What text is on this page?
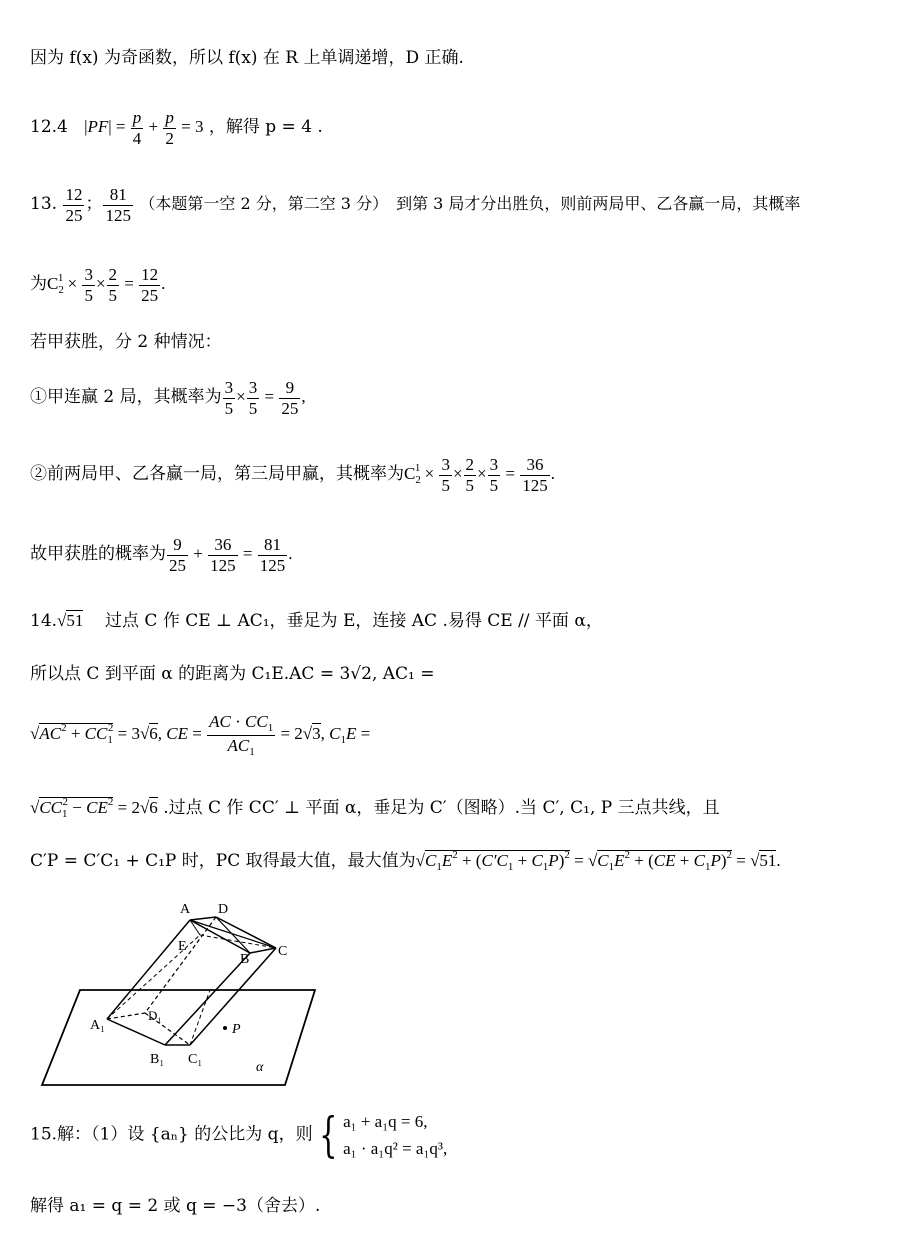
因为 f(x) 为奇函数，所以 f(x) 在 R 上单调递增，D 正确.
12.4 $|PF| = \frac{p}{4} + \frac{p}{2} = 3$ ，解得 p = 4 .
13. $\frac{12}{25}$ ； $\frac{81}{125}$ （本题第一空 2 分，第二空 3 分）　到第 3 局才分出胜负，则前两局甲、乙各赢一局，其概率
为$C_2^1 \times \frac{3}{5} \times \frac{2}{5} = \frac{12}{25}$ .
若甲获胜，分 2 种情况：
①甲连赢 2 局，其概率为 $\frac{3}{5} \times \frac{3}{5} = \frac{9}{25}$ ,
②前两局甲、乙各赢一局，第三局甲赢，其概率为$C_2^1 \times \frac{3}{5} \times \frac{2}{5} \times \frac{3}{5} = \frac{36}{125}$ .
故甲获胜的概率为 $\frac{9}{25} + \frac{36}{125} = \frac{81}{125}$ .
14.√51 过点 C 作 CE ⊥ AC₁，垂足为 E，连接 AC .易得 CE // 平面 α，
所以点 C 到平面 α 的距离为 C₁E.AC = 3√2, AC₁ =
$√AC^2 + CC_1^2 = 3√6$, CE = $\frac{AC \cdot CC_1}{AC_1} = 2√3$, $C_1E$ =
$√CC_1^2 - CE^2 = 2√6$ .过点 C 作 CC′ ⊥ 平面 α，垂足为 C′（图略）.当 C′, C₁, P 三点共线，且
C′P = C′C₁ + C₁P 时，PC 取得最大值，最大值为$√C_1E^2 + (C'C_1 + C_1P)^2 = √C_1E^2 + (CE + C_1P)^2 = √51$.
A D
E
B
C
A₁
D₁
P
B₁ C₁
α
15.解：（1）设 {aₙ} 的公比为 q，则 { a₁ + a₁q = 6,
a₁ · a₁q² = a₁q³,
解得 a₁ = q = 2 或 q = −3（舍去）.
